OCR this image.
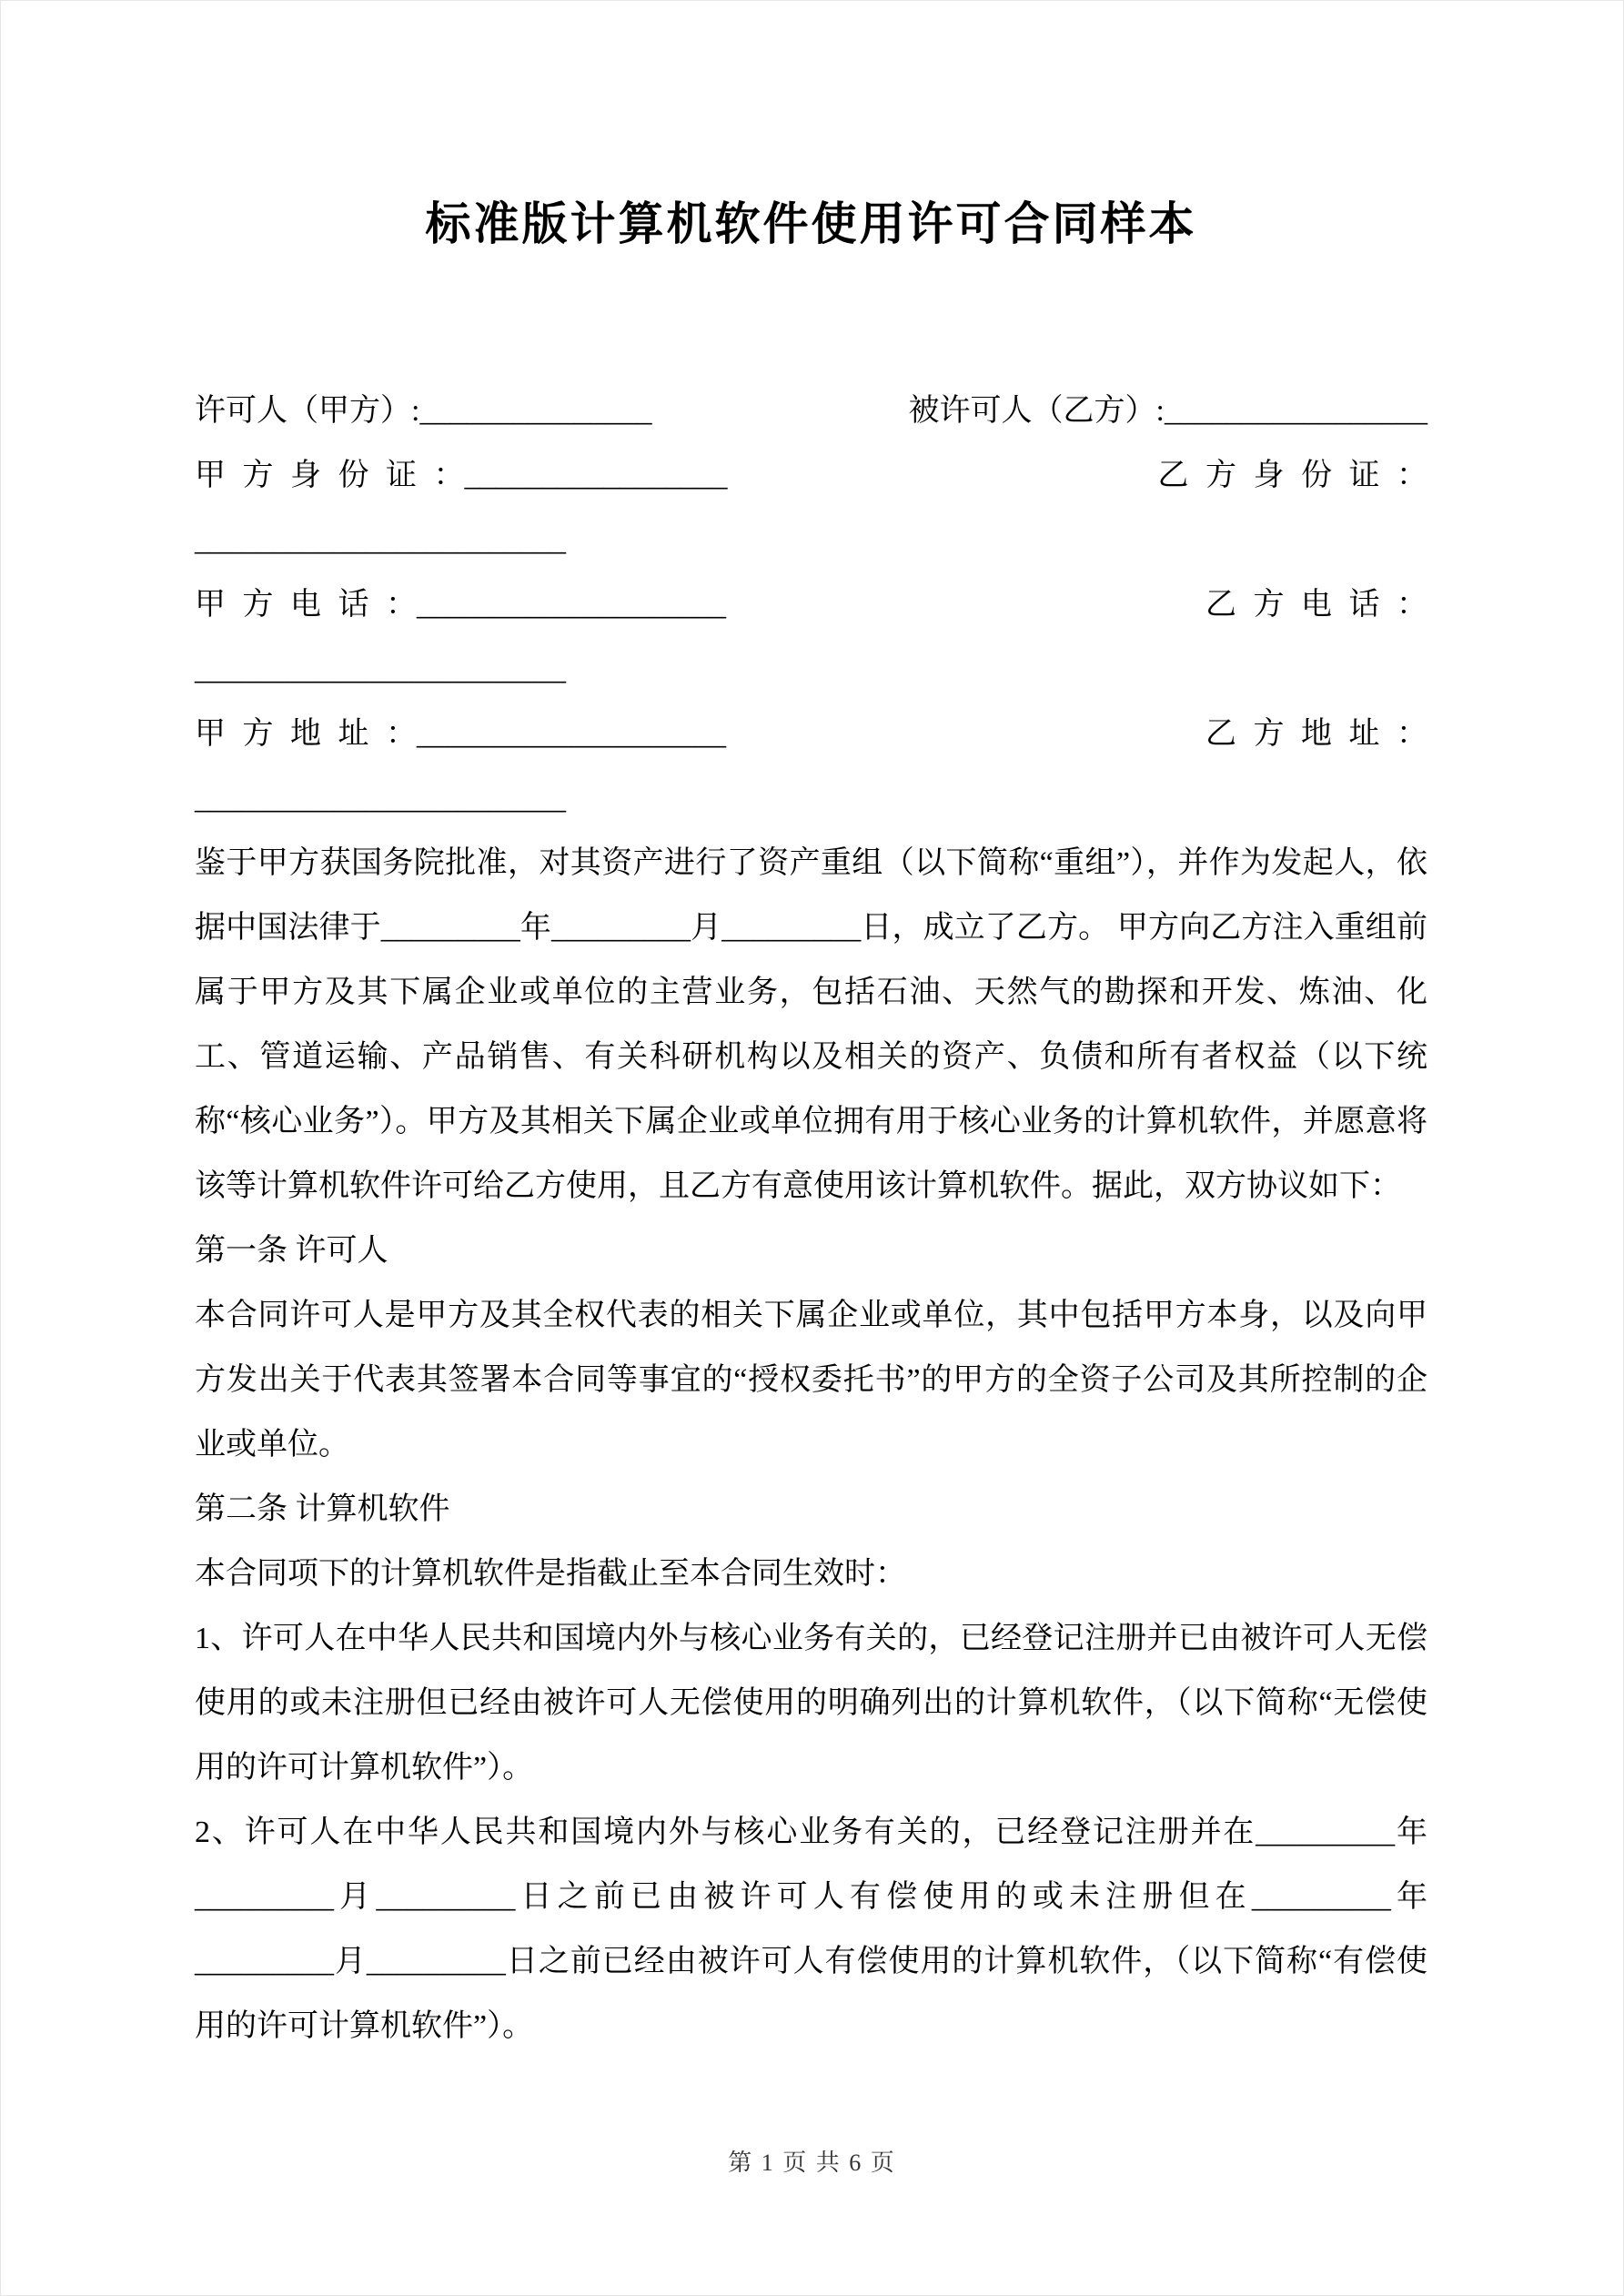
标准版计算机软件使用许可合同样本
许可人（甲方）:_______________	被许可人（乙方）:_________________
甲 方 身 份 证 ：_________________	乙 方 身 份 证 ：
________________________
甲 方 电 话 ：____________________	乙 方 电 话 ：
________________________
甲 方 地 址 ：____________________	乙 方 地 址 ：
________________________

鉴于甲方获国务院批准，对其资产进行了资产重组（以下简称“重组”），并作为发起人，依据中国法律于_________年_________月_________日，成立了乙方。 甲方向乙方注入重组前属于甲方及其下属企业或单位的主营业务，包括石油、天然气的勘探和开发、炼油、化工、管道运输、产品销售、有关科研机构以及相关的资产、负债和所有者权益（以下统称“核心业务”）。甲方及其相关下属企业或单位拥有用于核心业务的计算机软件，并愿意将该等计算机软件许可给乙方使用，且乙方有意使用该计算机软件。据此，双方协议如下：

第一条 许可人

本合同许可人是甲方及其全权代表的相关下属企业或单位，其中包括甲方本身，以及向甲方发出关于代表其签署本合同等事宜的“授权委托书”的甲方的全资子公司及其所控制的企业或单位。

第二条 计算机软件

本合同项下的计算机软件是指截止至本合同生效时：

1、许可人在中华人民共和国境内外与核心业务有关的，已经登记注册并已由被许可人无偿使用的或未注册但已经由被许可人无偿使用的明确列出的计算机软件，（以下简称“无偿使用的许可计算机软件”）。

2、许可人在中华人民共和国境内外与核心业务有关的，已经登记注册并在_________年_________月_________日之前已由被许可人有偿使用的或未注册但在_________年_________月_________日之前已经由被许可人有偿使用的计算机软件，（以下简称“有偿使用的许可计算机软件”）。

第 1 页 共 6 页
